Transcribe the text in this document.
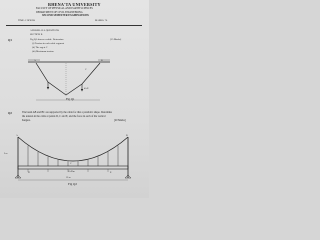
RHENA'TA UNIVERSITY
FACULTY OF PHYSICAL AND EARTH SCIENCES
DEPARTMENT OF CIVIL ENGINEERING
SECOND SEMESTER EXAMINATIONS
TIME: 2 HOURS	MARKS: 70
ANSWER ALL QUESTIONS
SECTION B
Q1	Fig Q1 shows a cable. Determine:	[15 Marks]
(i) Tension in each cable segment
(ii) The sag at C
(iii) Maximum tension
A	B
C
4 kN
Fig Q1
Q2	The beam AB and BC are supported by the cable for that a parabolic shape. Determine
the tension in the cable at points D, C and E, and the force in each of the vertical
hangers.	[20 Marks]
A	B
C
D	E
2 kN/m
12 m
3 m
Fig Q2
